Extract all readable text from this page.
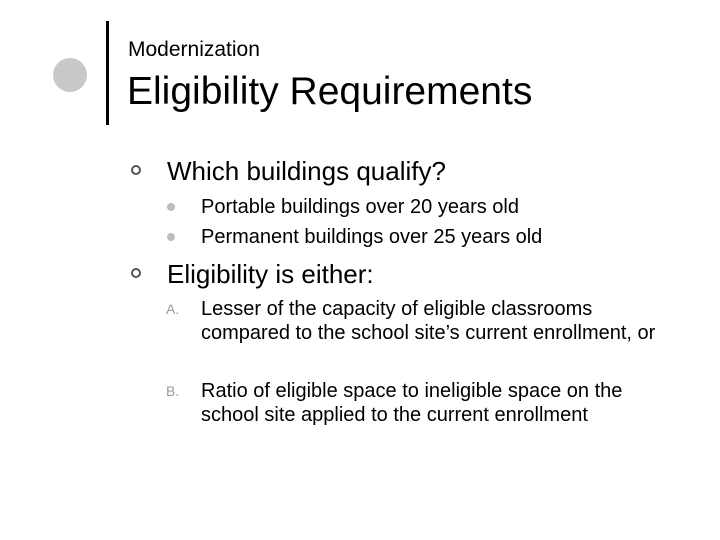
Modernization
Eligibility Requirements
Which buildings qualify?
Portable buildings over 20 years old
Permanent buildings over 25 years old
Eligibility is either:
A. Lesser of the capacity of eligible classrooms compared to the school site’s current enrollment, or
B. Ratio of eligible space to ineligible space on the school site applied to the current enrollment
